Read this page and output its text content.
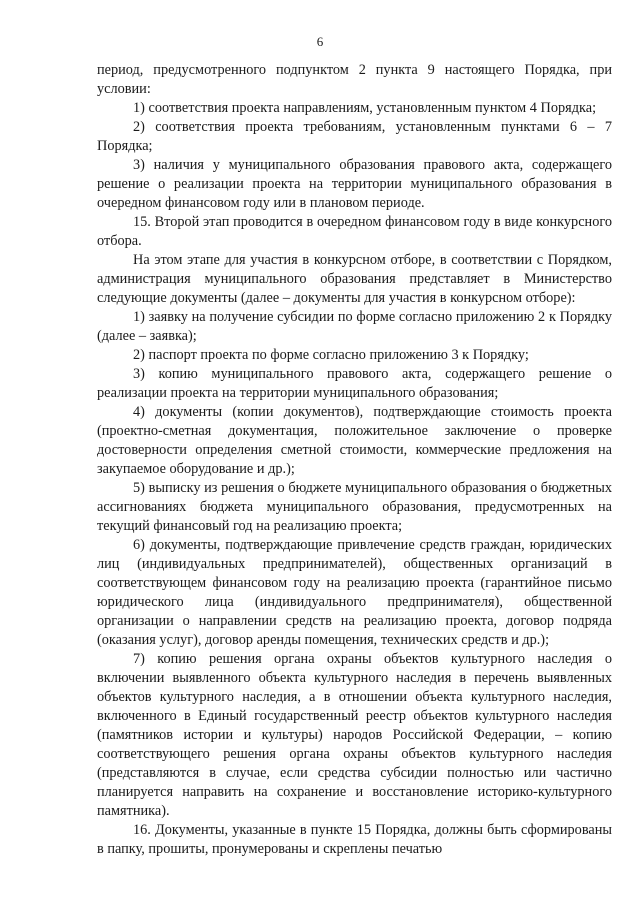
6

период, предусмотренного подпунктом 2 пункта 9 настоящего Порядка, при условии:

1) соответствия проекта направлениям, установленным пунктом 4 Порядка;

2) соответствия проекта требованиям, установленным пунктами 6 – 7 Порядка;

3) наличия у муниципального образования правового акта, содержащего решение о реализации проекта на территории муниципального образования в очередном финансовом году или в плановом периоде.

15. Второй этап проводится в очередном финансовом году в виде конкурсного отбора.

На этом этапе для участия в конкурсном отборе, в соответствии с Порядком, администрация муниципального образования представляет в Министерство следующие документы (далее – документы для участия в конкурсном отборе):

1) заявку на получение субсидии по форме согласно приложению 2 к Порядку (далее – заявка);

2) паспорт проекта по форме согласно приложению 3 к Порядку;

3) копию муниципального правового акта, содержащего решение о реализации проекта на территории муниципального образования;

4) документы (копии документов), подтверждающие стоимость проекта (проектно-сметная документация, положительное заключение о проверке достоверности определения сметной стоимости, коммерческие предложения на закупаемое оборудование и др.);

5) выписку из решения о бюджете муниципального образования о бюджетных ассигнованиях бюджета муниципального образования, предусмотренных на текущий финансовый год на реализацию проекта;

6) документы, подтверждающие привлечение средств граждан, юридических лиц (индивидуальных предпринимателей), общественных организаций в соответствующем финансовом году на реализацию проекта (гарантийное письмо юридического лица (индивидуального предпринимателя), общественной организации о направлении средств на реализацию проекта, договор подряда (оказания услуг), договор аренды помещения, технических средств и др.);

7) копию решения органа охраны объектов культурного наследия о включении выявленного объекта культурного наследия в перечень выявленных объектов культурного наследия, а в отношении объекта культурного наследия, включенного в Единый государственный реестр объектов культурного наследия (памятников истории и культуры) народов Российской Федерации, – копию соответствующего решения органа охраны объектов культурного наследия (представляются в случае, если средства субсидии полностью или частично планируется направить на сохранение и восстановление историко-культурного памятника).

16. Документы, указанные в пункте 15 Порядка, должны быть сформированы в папку, прошиты, пронумерованы и скреплены печатью
